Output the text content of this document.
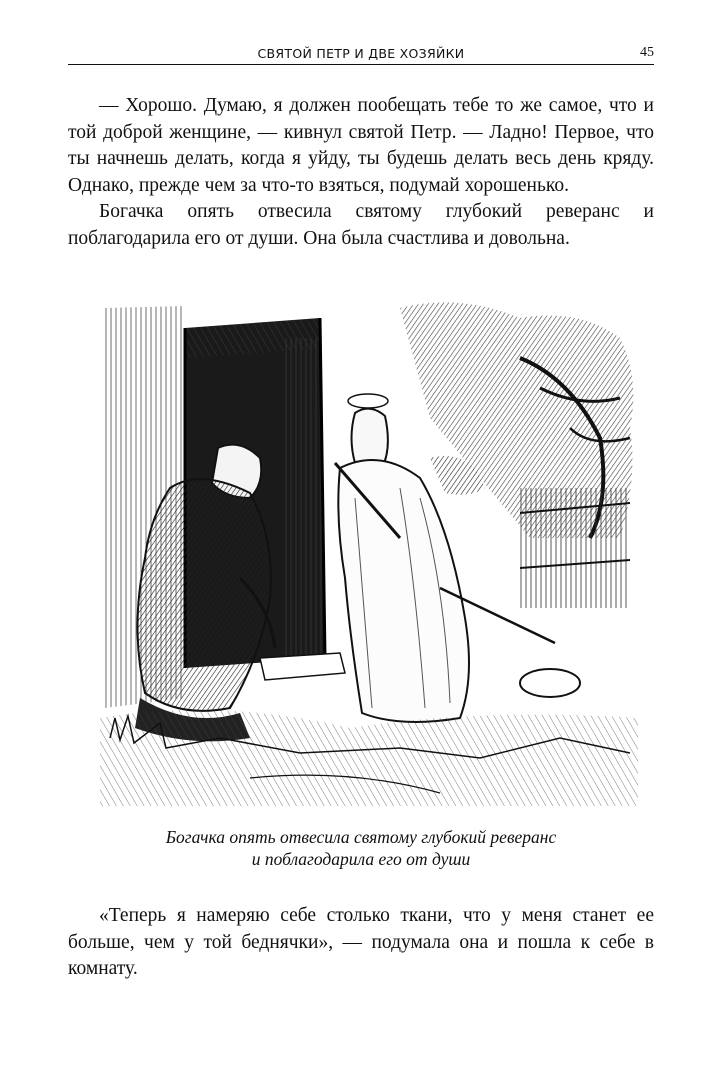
СВЯТОЙ ПЕТР И ДВЕ ХОЗЯЙКИ	45

— Хорошо. Думаю, я должен пообещать тебе то же самое, что и той доброй женщине, — кивнул святой Петр. — Ладно! Первое, что ты начнешь делать, когда я уйду, ты будешь делать весь день кряду. Однако, прежде чем за что-то взяться, подумай хорошенько.

Богачка опять отвесила святому глубокий реверанс и поблагодарила его от души. Она была счастлива и довольна.

Богачка опять отвесила святому глубокий реверанс
и поблагодарила его от души

«Теперь я намеряю себе столько ткани, что у меня станет ее больше, чем у той беднячки», — подумала она и пошла к себе в комнату.
